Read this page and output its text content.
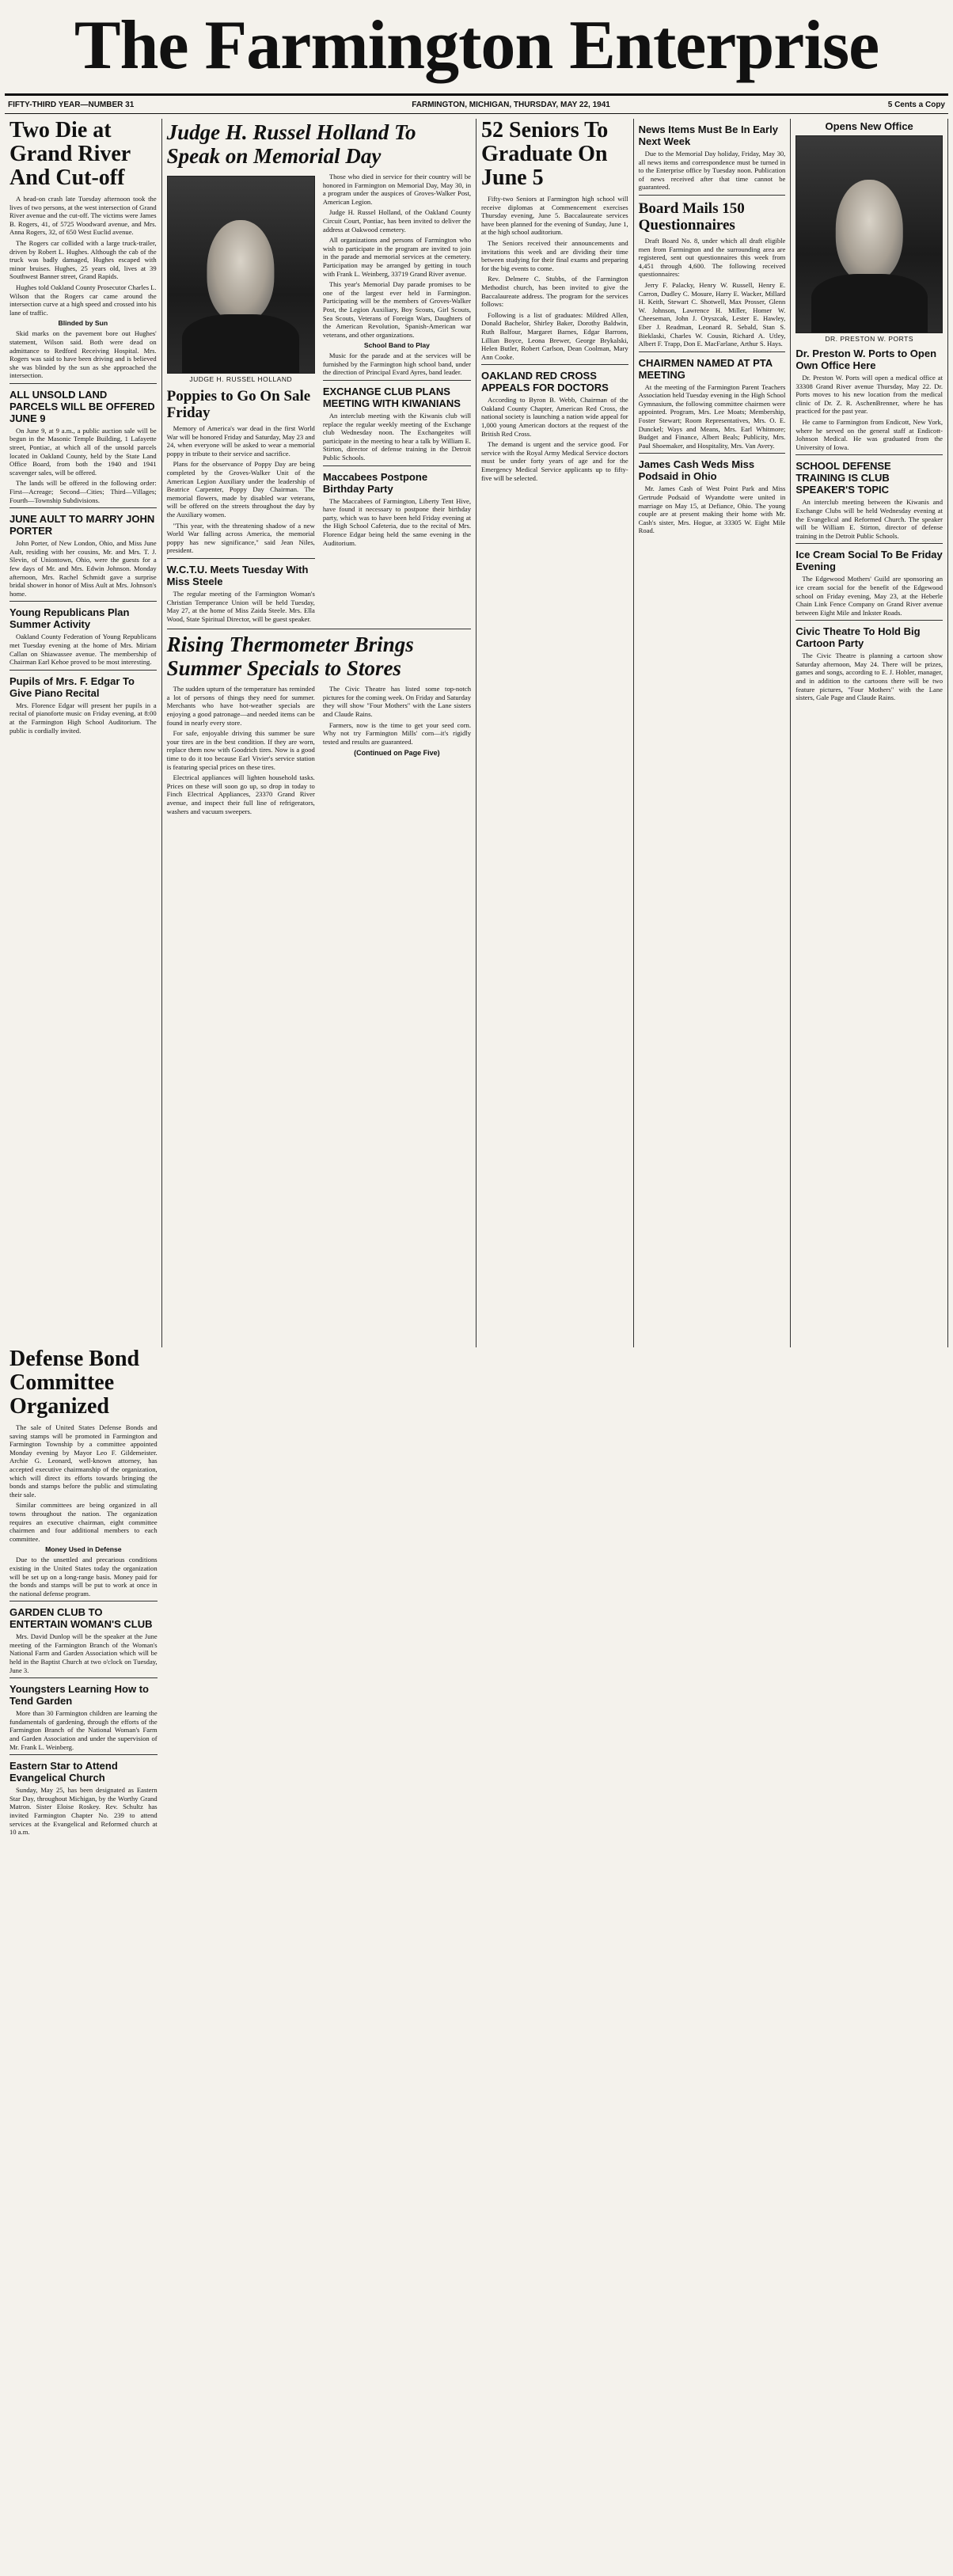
The Farmington Enterprise
FIFTY-THIRD YEAR—NUMBER 31	FARMINGTON, MICHIGAN, THURSDAY, MAY 22, 1941	5 Cents a Copy
Two Die at Grand River And Cut-off

A head-on crash late Tuesday afternoon took the lives of two persons, at the west intersection of Grand River avenue and the cut-off. The victims were James B. Rogers, 41, of 5725 Woodward avenue, and Mrs. Anna Rogers, 32, of 650 West Euclid avenue.

The Rogers car collided with a large truck-trailer, driven by Robert L. Hughes. Although the cab of the truck was badly damaged, Hughes escaped with minor bruises. Hughes, 25 years old, lives at 39 Southwest Banner street, Grand Rapids.

Hughes told Oakland County Prosecutor Charles L. Wilson that the Rogers car came around the intersection curve at a high speed and crossed into his lane of traffic.

Blinded by Sun

Skid marks on the pavement bore out Hughes' statement, Wilson said. Both were dead on admittance to Redford Receiving Hospital. Mrs. Rogers was said to have been driving and is believed she was blinded by the sun as she approached the intersection.

ALL UNSOLD LAND PARCELS WILL BE OFFERED JUNE 9

On June 9, at 9 a.m., a public auction sale will be begun in the Masonic Temple Building, 1 Lafayette street, Pontiac, at which all of the unsold parcels located in Oakland County, held by the State Land Office Board, from both the 1940 and 1941 scavenger sales, will be offered.

The lands will be offered in the following order: First—Acreage; Second—Cities; Third—Villages; Fourth—Township Subdivisions.

JUNE AULT TO MARRY JOHN PORTER

John Porter, of New London, Ohio, and Miss June Ault, residing with her cousins, Mr. and Mrs. T. J. Slevin, of Uniontown, Ohio, were the guests for a few days of Mr. and Mrs. Edwin Johnson. Monday afternoon, Mrs. Rachel Schmidt gave a surprise bridal shower in honor of Miss Ault at Mrs. Johnson's home.

Young Republicans Plan Summer Activity

Oakland County Federation of Young Republicans met Tuesday evening at the home of Mrs. Miriam Callan on Shiawassee avenue. The membership of Chairman Earl Kehoe proved to be most interesting.

Pupils of Mrs. F. Edgar To Give Piano Recital

Mrs. Florence Edgar will present her pupils in a recital of pianoforte music on Friday evening, at 8:00 at the Farmington High School Auditorium. The public is cordially invited.

Judge H. Russel Holland To Speak on Memorial Day
JUDGE H. RUSSEL HOLLAND
Poppies to Go On Sale Friday

Memory of America's war dead in the first World War will be honored Friday and Saturday, May 23 and 24, when everyone will be asked to wear a memorial poppy in tribute to their service and sacrifice.

Plans for the observance of Poppy Day are being completed by the Groves-Walker Unit of the American Legion Auxiliary under the leadership of Beatrice Carpenter, Poppy Day Chairman. The memorial flowers, made by disabled war veterans, will be offered on the streets throughout the day by the Auxiliary women.

"This year, with the threatening shadow of a new World War falling across America, the memorial poppy has new significance," said Jean Niles, president.

W.C.T.U. Meets Tuesday With Miss Steele

The regular meeting of the Farmington Woman's Christian Temperance Union will be held Tuesday, May 27, at the home of Miss Zaida Steele. Mrs. Ella Wood, State Spiritual Director, will be guest speaker.

Those who died in service for their country will be honored in Farmington on Memorial Day, May 30, in a program under the auspices of Groves-Walker Post, American Legion.

Judge H. Russel Holland, of the Oakland County Circuit Court, Pontiac, has been invited to deliver the address at Oakwood cemetery.

All organizations and persons of Farmington who wish to participate in the program are invited to join in the parade and memorial services at the cemetery. Participation may be arranged by getting in touch with Frank L. Weinberg, 33719 Grand River avenue.

This year's Memorial Day parade promises to be one of the largest ever held in Farmington. Participating will be the members of Groves-Walker Post, the Legion Auxiliary, Boy Scouts, Girl Scouts, Sea Scouts, Veterans of Foreign Wars, Daughters of the American Revolution, Spanish-American war veterans, and other organizations.

School Band to Play

Music for the parade and at the services will be furnished by the Farmington high school band, under the direction of Principal Evard Ayres, band leader.

EXCHANGE CLUB PLANS MEETING WITH KIWANIANS

An interclub meeting with the Kiwanis club will replace the regular weekly meeting of the Exchange club Wednesday noon. The Exchangeites will participate in the meeting to hear a talk by William E. Stirton, director of defense training in the Detroit Public Schools.

Maccabees Postpone Birthday Party

The Maccabees of Farmington, Liberty Tent Hive, have found it necessary to postpone their birthday party, which was to have been held Friday evening at the High School Cafeteria, due to the recital of Mrs. Florence Edgar being held the same evening in the Auditorium.

Rising Thermometer Brings Summer Specials to Stores

The sudden upturn of the temperature has reminded a lot of persons of things they need for summer. Merchants who have hot-weather specials are enjoying a good patronage—and needed items can be found in nearly every store.

For safe, enjoyable driving this summer be sure your tires are in the best condition. If they are worn, replace them now with Goodrich tires. Now is a good time to do it too because Earl Vivier's service station is featuring special prices on these tires.

Electrical appliances will lighten household tasks. Prices on these will soon go up, so drop in today to Finch Electrical Appliances, 23370 Grand River avenue, and inspect their full line of refrigerators, washers and vacuum sweepers.

The Civic Theatre has listed some top-notch pictures for the coming week. On Friday and Saturday they will show "Four Mothers" with the Lane sisters and Claude Rains.

Farmers, now is the time to get your seed corn. Why not try Farmington Mills' corn—it's rigidly tested and results are guaranteed.

(Continued on Page Five)
52 Seniors To Graduate On June 5

Fifty-two Seniors at Farmington high school will receive diplomas at Commencement exercises Thursday evening, June 5. Baccalaureate services have been planned for the evening of Sunday, June 1, at the high school auditorium.

The Seniors received their announcements and invitations this week and are dividing their time between studying for their final exams and preparing for the big events to come.

Rev. Delmere C. Stubbs, of the Farmington Methodist church, has been invited to give the Baccalaureate address. The program for the services follows:

Following is a list of graduates: Mildred Allen, Donald Bachelor, Shirley Baker, Dorothy Baldwin, Ruth Balfour, Margaret Barnes, Edgar Barrons, Lillian Boyce, Leona Brewer, George Brykalski, Helen Butler, Robert Carlson, Dean Coolman, Mary Ann Cooke.

OAKLAND RED CROSS APPEALS FOR DOCTORS

According to Byron B. Webb, Chairman of the Oakland County Chapter, American Red Cross, the national society is launching a nation wide appeal for 1,000 young American doctors at the request of the British Red Cross.

The demand is urgent and the service good. For service with the Royal Army Medical Service doctors must be under forty years of age and for the Emergency Medical Service applicants up to fifty-five will be selected.

News Items Must Be In Early Next Week

Due to the Memorial Day holiday, Friday, May 30, all news items and correspondence must be turned in to the Enterprise office by Tuesday noon. Publication of news received after that time cannot be guaranteed.

Board Mails 150 Questionnaires

Draft Board No. 8, under which all draft eligible men from Farmington and the surrounding area are registered, sent out questionnaires this week from 4,451 through 4,600. The following received questionnaires:

Jerry F. Palacky, Henry W. Russell, Henry E. Carron, Dudley C. Mosure, Harry E. Wacker, Millard H. Keith, Stewart C. Shotwell, Max Prosser, Glenn W. Johnson, Lawrence H. Miller, Homer W. Cheeseman, John J. Oryszcak, Lester E. Hawley, Eber J. Readman, Leonard R. Sebald, Stan S. Bieklaski, Charles W. Cousin, Richard A. Utley, Albert F. Trapp, Don E. MacFarlane, Arthur S. Hays.

CHAIRMEN NAMED AT PTA MEETING

At the meeting of the Farmington Parent Teachers Association held Tuesday evening in the High School Gymnasium, the following committee chairmen were appointed. Program, Mrs. Lee Moats; Membership, Foster Stewart; Room Representatives, Mrs. O. E. Dunckel; Ways and Means, Mrs. Earl Whitmore; Budget and Finance, Albert Beals; Publicity, Mrs. Paul Shoemaker, and Hospitality, Mrs. Van Avery.

James Cash Weds Miss Podsaid in Ohio

Mr. James Cash of West Point Park and Miss Gertrude Podsaid of Wyandotte were united in marriage on May 15, at Defiance, Ohio. The young couple are at present making their home with Mr. Cash's sister, Mrs. Hogue, at 33305 W. Eight Mile Road.

Opens New Office
DR. PRESTON W. PORTS
Dr. Preston W. Ports to Open Own Office Here

Dr. Preston W. Ports will open a medical office at 33308 Grand River avenue Thursday, May 22. Dr. Ports moves to his new location from the medical clinic of Dr. Z. R. AschenBrenner, where he has practiced for the past year.

He came to Farmington from Endicott, New York, where he served on the general staff at Endicott-Johnson Medical. He was graduated from the University of Iowa.

SCHOOL DEFENSE TRAINING IS CLUB SPEAKER'S TOPIC

An interclub meeting between the Kiwanis and Exchange Clubs will be held Wednesday evening at the Evangelical and Reformed Church. The speaker will be William E. Stirton, director of defense training in the Detroit Public Schools.

Ice Cream Social To Be Friday Evening

The Edgewood Mothers' Guild are sponsoring an ice cream social for the benefit of the Edgewood school on Friday evening, May 23, at the Heberle Chain Link Fence Company on Grand River avenue between Eight Mile and Inkster Roads.

Civic Theatre To Hold Big Cartoon Party

The Civic Theatre is planning a cartoon show Saturday afternoon, May 24. There will be prizes, games and songs, according to E. J. Hobler, manager, and in addition to the cartoons there will be two feature pictures, "Four Mothers" with the Lane sisters, Gale Page and Claude Rains.

Defense Bond Committee Organized

The sale of United States Defense Bonds and saving stamps will be promoted in Farmington and Farmington Township by a committee appointed Monday evening by Mayor Leo F. Gildemeister. Archie G. Leonard, well-known attorney, has accepted executive chairmanship of the organization, which will direct its efforts towards bringing the bonds and stamps before the public and stimulating their sale.

Similar committees are being organized in all towns throughout the nation. The organization requires an executive chairman, eight committee chairmen and four additional members to each committee.

Money Used in Defense

Due to the unsettled and precarious conditions existing in the United States today the organization will be set up on a long-range basis. Money paid for the bonds and stamps will be put to work at once in the national defense program.

GARDEN CLUB TO ENTERTAIN WOMAN'S CLUB

Mrs. David Dunlop will be the speaker at the June meeting of the Farmington Branch of the Woman's National Farm and Garden Association which will be held in the Baptist Church at two o'clock on Tuesday, June 3.

Youngsters Learning How to Tend Garden

More than 30 Farmington children are learning the fundamentals of gardening, through the efforts of the Farmington Branch of the National Woman's Farm and Garden Association and under the supervision of Mr. Frank L. Weinberg.

Eastern Star to Attend Evangelical Church

Sunday, May 25, has been designated as Eastern Star Day, throughout Michigan, by the Worthy Grand Matron. Sister Eloise Roskey. Rev. Schultz has invited Farmington Chapter No. 239 to attend services at the Evangelical and Reformed church at 10 a.m.
